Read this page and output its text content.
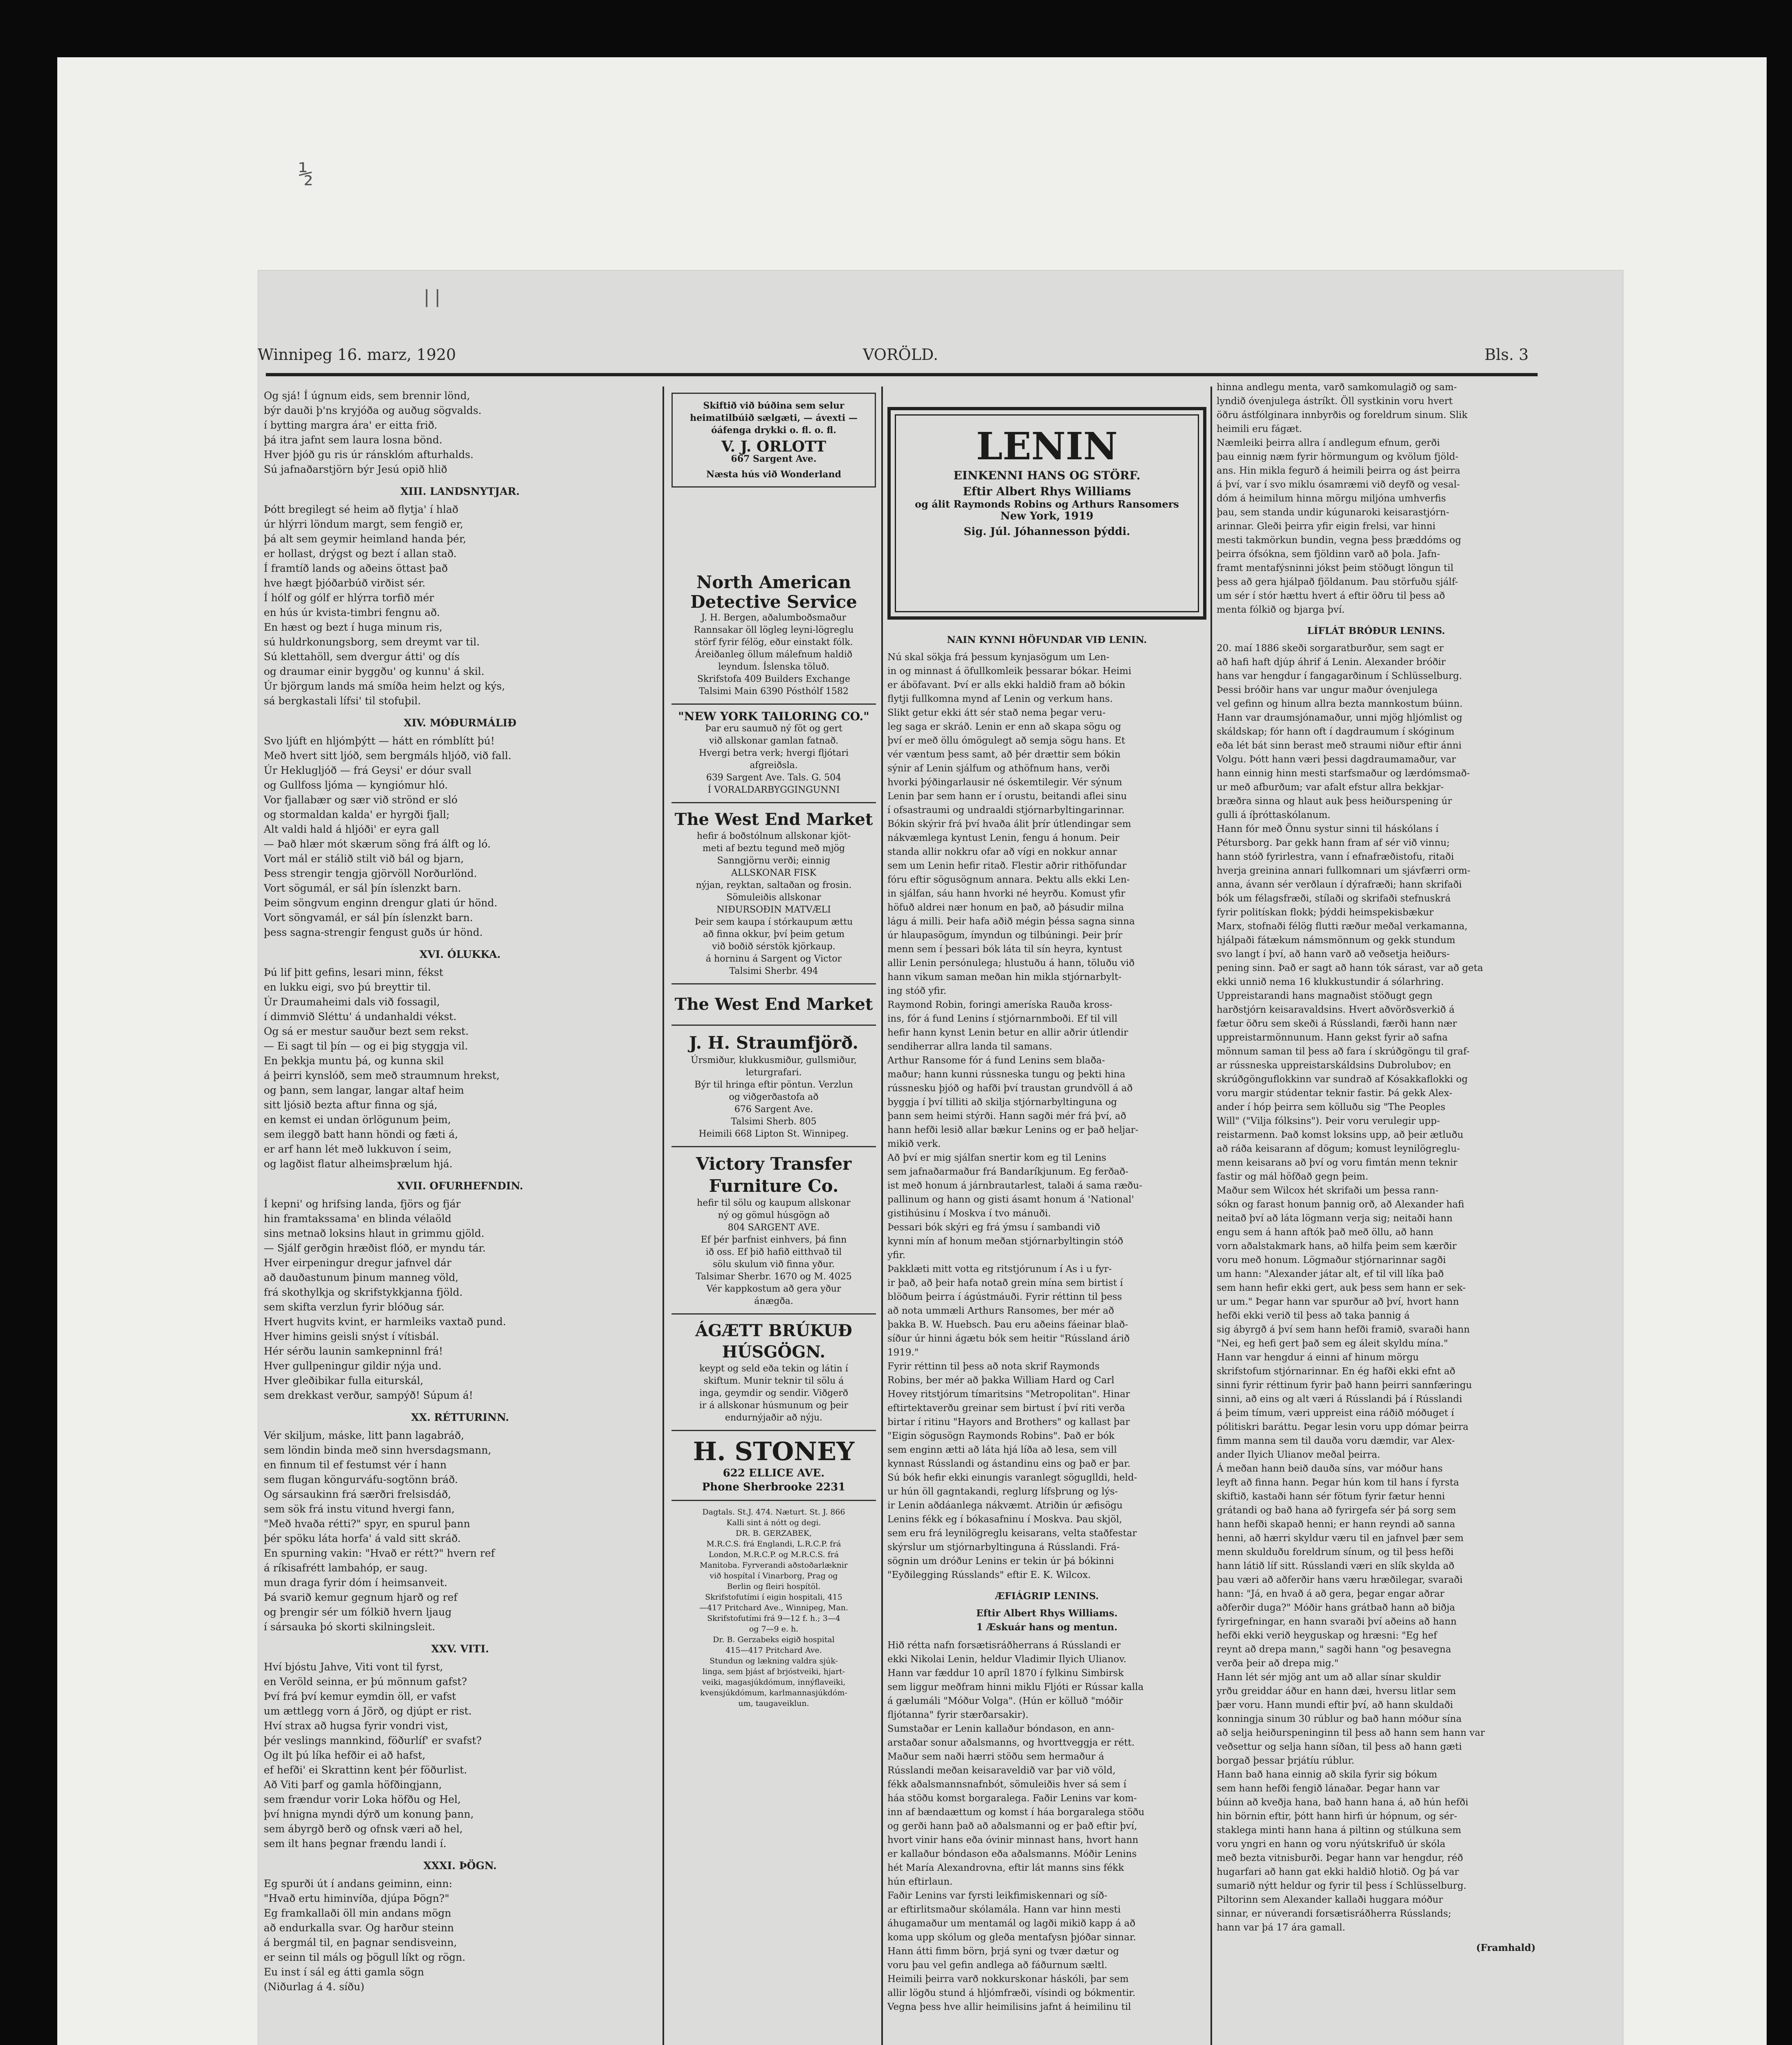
½
||
Winnipeg 16. marz, 1920	VORÖLD.	Bls. 3
Og sjá! Í úgnum eids, sem brennir lönd,
býr dauði þ'ns kryjóða og auðug sögvalds.
í bytting margra ára' er eitta frið.
þá itra jafnt sem laura losna bönd.
Hver þjóð gu ris úr ránsklóm afturhalds.
Sú jafnaðarstjörn býr Jesú opið hlið
XIII. LANDSNYTJAR.
Þótt bregilegt sé heim að flytja' í hlað
úr hlýrri löndum margt, sem fengið er,
þá alt sem geymir heimland handa þér,
er hollast, drýgst og bezt í allan stað.
Í framtíð lands og aðeins öttast það
hve hægt þjóðarbúð virðist sér.
Í hólf og gólf er hlýrra torfið mér
en hús úr kvista-timbri fengnu að.
En hæst og bezt í huga minum ris,
sú huldrkonungsborg, sem dreymt var til.
Sú klettahöll, sem dvergur átti' og dís
og draumar einir byggðu' og kunnu' á skil.
Úr björgum lands má smíða heim helzt og kýs,
sá bergkastali lífsi' til stofuþil.
XIV. MÓÐURMÁLIÐ
Svo ljúft en hljómþýtt — hátt en rómblítt þú!
Með hvert sitt ljóð, sem bergmáls hljóð, við fall.
Úr Heklugljóð — frá Geysi' er dóur svall
og Gullfoss ljóma — kyngiómur hló.
Vor fjallabær og sær við strönd er sló
og stormaldan kalda' er hyrgði fjall;
Alt valdi hald á hljóði' er eyra gall
— Það hlær mót skærum söng frá álft og ló.
Vort mál er stálið stilt við bál og bjarn,
Þess strengir tengja gjörvöll Norðurlönd.
Vort sögumál, er sál þín íslenzkt barn.
Þeim söngvum enginn drengur glati úr hönd.
Vort söngvamál, er sál þín íslenzkt barn.
þess sagna-strengir fengust guðs úr hönd.
XVI. ÓLUKKA.
Þú lif þitt gefins, lesari minn, fékst
en lukku eigi, svo þú breyttir til.
Úr Draumaheimi dals við fossagil,
í dimmvið Sléttu' á undanhaldi vékst.
Og sá er mestur sauður bezt sem rekst.
— Ei sagt til þín — og ei þig styggja vil.
En þekkja muntu þá, og kunna skil
á þeirri kynslóð, sem með straumnum hrekst,
og þann, sem langar, langar altaf heim
sitt ljósið bezta aftur finna og sjá,
en kemst ei undan örlögunum þeim,
sem ileggð batt hann höndi og fæti á,
er arf hann lét með lukkuvon í seim,
og lagðist flatur alheimsþrælum hjá.
XVII. OFURHEFNDIN.
Í kepni' og hrifsing landa, fjörs og fjár
hin framtakssama' en blinda vélaöld
sins metnað loksins hlaut in grimmu gjöld.
— Sjálf gerðgin hræðist flóð, er myndu tár.
Hver eirpeningur dregur jafnvel dár
að dauðastunum þinum manneg völd,
frá skothylkja og skrifstykkjanna fjöld.
sem skifta verzlun fyrir blóðug sár.
Hvert hugvits kvint, er harmleiks vaxtað pund.
Hver himins geisli snýst í vítisbál.
Hér sérðu launin samkepninnl frá!
Hver gullpeningur gildir nýja und.
Hver gleðibikar fulla eiturskál,
sem drekkast verður, sampýð! Súpum á!
XX. RÉTTURINN.
Vér skiljum, máske, litt þann lagabráð,
sem löndin binda með sinn hversdagsmann,
en finnum til ef festumst vér í hann
sem flugan köngurváfu-sogtönn bráð.
Og sársaukinn frá særðri frelsisdáð,
sem sök frá instu vitund hvergi fann,
"Með hvaða rétti?" spyr, en spurul þann
þér spöku láta horfa' á vald sitt skráð.
En spurning vakin: "Hvað er rétt?" hvern ref
á ríkisafrétt lambahóp, er saug.
mun draga fyrir dóm í heimsanveit.
Þá svarið kemur gegnum hjarð og ref
og þrengir sér um fólkið hvern ljaug
í sársauka þó skorti skilningsleit.
XXV. VITI.
Hví bjóstu Jahve, Viti vont til fyrst,
en Veröld seinna, er þú mönnum gafst?
Því frá því kemur eymdin öll, er vafst
um ættlegg vorn á Jörð, og djúpt er rist.
Hví strax að hugsa fyrir vondri vist,
þér veslings mannkind, föðurlíf' er svafst?
Og ilt þú líka hefðir ei að hafst,
ef hefði' ei Skrattinn kent þér föðurlist.
Að Viti þarf og gamla höfðingjann,
sem frændur vorir Loka höfðu og Hel,
því hnigna myndi dýrð um konung þann,
sem ábyrgð berð og ofnsk væri að hel,
sem ilt hans þegnar frændu landi í.
XXXI. ÞÖGN.
Eg spurði út í andans geiminn, einn:
"Hvað ertu himinvíða, djúpa Þögn?"
Eg framkallaði öll min andans mögn
að endurkalla svar. Og harður steinn
á bergmál til, en þagnar sendisveinn,
er seinn til máls og þögull líkt og rögn.
Eu inst í sál eg átti gamla sögn
(Niðurlag á 4. síðu)
Skiftið við búðina sem selur
heimatilbúið sælgæti, — ávexti —
óáfenga drykki o. fl. o. fl.
V. J. ORLOTT
667 Sargent Ave.
Næsta hús við Wonderland
North American Detective Service
J. H. Bergen, aðalumboðsmaður
Rannsakar öll lögleg leyni-lögreglu
störf fyrir félög, eður einstakt fólk.
Áreiðanleg öllum málefnum haldið
leyndum. Íslenska töluð.
Skrifstofa 409 Builders Exchange
Talsimi Main 6390 Pósthólf 1582
"NEW YORK TAILORING CO."
Þar eru saumuð ný föt og gert
við allskonar gamlan fatnað.
Hvergi betra verk; hvergi fljótari
afgreiðsla.
639 Sargent Ave. Tals. G. 504
Í VORALDARBYGGINGUNNI
The West End Market
hefir á boðstólnum allskonar kjöt-
meti af beztu tegund með mjög
Sanngjörnu verði; einnig
ALLSKONAR FISK
nýjan, reyktan, saltaðan og frosin.
Sömuleiðis allskonar
NIÐURSOÐIN MATVÆLI
Þeir sem kaupa í stórkaupum ættu
að finna okkur, því þeim getum
við boðið sérstök kjörkaup.
á horninu á Sargent og Victor
Talsimi Sherbr. 494
The West End Market
J. H. Straumfjörð.
Úrsmiður, klukkusmiður, gullsmiður,
leturgrafari.
Býr til hringa eftir pöntun. Verzlun
og viðgerðastofa að
676 Sargent Ave.
Talsimi Sherb. 805
Heimili 668 Lipton St. Winnipeg.
Victory Transfer Furniture Co.
hefir til sölu og kaupum allskonar
ný og gömul húsgögn að
804 SARGENT AVE.
Ef þér þarfnist einhvers, þá finn
ið oss. Ef þið hafið eitthvað til
sölu skulum við finna yður.
Talsimar Sherbr. 1670 og M. 4025
Vér kappkostum að gera yður
ánægða.
ÁGÆTT BRÚKUÐ HÚSGÖGN.
keypt og seld eða tekin og látin í
skiftum. Munir teknir til sölu á
inga, geymdir og sendir. Viðgerð
ir á allskonar húsmunum og þeir
endurnýjaðir að nýju.
H. STONEY
622 ELLICE AVE.
Phone Sherbrooke 2231
Dagtals. St.J. 474. Næturt. St. J. 866
Kalli sint á nótt og degi.
DR. B. GERZABEK,
M.R.C.S. frá Englandi, L.R.C.P. frá
London, M.R.C.P. og M.R.C.S. frá
Manitoba. Fyrverandi aðstoðarlæknir
við hospítal í Vinarborg, Prag og
Berlin og fleiri hospítöl.
Skrifstofutími í eigin hospitali, 415
—417 Pritchard Ave., Winnipeg, Man.
Skrifstofutími frá 9—12 f. h.; 3—4
og 7—9 e. h.
Dr. B. Gerzabeks eigið hospital
415—417 Pritchard Ave.
Stundun og lækning valdra sjúk-
linga, sem þjást af brjóstveiki, hjart-
veiki, magasjúkdómum, innýflaveiki,
kvensjúkdómum, karlmannasjúkdóm-
um, taugaveiklun.
LENIN
EINKENNI HANS OG STÖRF.
Eftir Albert Rhys Williams
og álit Raymonds Robins og Arthurs Ransomers
New York, 1919
Sig. Júl. Jóhannesson þýddi.
NAIN KYNNI HÖFUNDAR VIÐ LENIN.
Nú skal sökja frá þessum kynjasögum um Len-
in og minnast á öfullkomleik þessarar bókar. Heimi
er áböfavant. Því er alls ekki haldið fram að bókin
flytji fullkomna mynd af Lenin og verkum hans.
Slikt getur ekki átt sér stað nema þegar veru-
leg saga er skráð. Lenin er enn að skapa sögu og
því er með öllu ómögulegt að semja sögu hans. Et
vér væntum þess samt, að þér drættir sem bókin
sýnir af Lenin sjálfum og athöfnum hans, verði
hvorki þýðingarlausir né óskemtilegir. Vér sýnum
Lenin þar sem hann er í orustu, beitandi aflei sinu
í ofsastraumi og undraaldi stjórnarbyltingarinnar.
Bókin skýrir frá því hvaða álit þrír útlendingar sem
nákvæmlega kyntust Lenin, fengu á honum. Þeir
standa allir nokkru ofar að vígi en nokkur annar
sem um Lenin hefir ritað. Flestir aðrir rithöfundar
fóru eftir sögusögnum annara. Þektu alls ekki Len-
in sjálfan, sáu hann hvorki né heyrðu. Komust yfir
höfuð aldrei nær honum en það, að þásudir milna
lágu á milli. Þeir hafa aðið mégin þéssa sagna sinna
úr hlaupasögum, ímyndun og tilbúningi. Þeir þrír
menn sem í þessari bók láta til sín heyra, kyntust
allir Lenin persónulega; hlustuðu á hann, töluðu við
hann vikum saman meðan hin mikla stjórnarbylt-
ing stóð yfir.
Raymond Robin, foringi ameríska Rauða kross-
ins, fór á fund Lenins í stjórnarnmboði. Ef til vill
hefir hann kynst Lenin betur en allir aðrir útlendir
sendiherrar allra landa til samans.
Arthur Ransome fór á fund Lenins sem blaða-
maður; hann kunni rússneska tungu og þekti hina
rússnesku þjóð og hafði því traustan grundvöll á að
byggja í því tilliti að skilja stjórnarbyltinguna og
þann sem heimi stýrði. Hann sagði mér frá því, að
hann hefði lesið allar bækur Lenins og er það heljar-
mikið verk.
Að því er mig sjálfan snertir kom eg til Lenins
sem jafnaðarmaður frá Bandaríkjunum. Eg ferðað-
ist með honum á járnbrautarlest, talaði á sama ræðu-
pallinum og hann og gisti ásamt honum á 'National'
gistihúsinu í Moskva í tvo mánuði.
Þessari bók skýri eg frá ýmsu í sambandi við
kynni mín af honum meðan stjórnarbyltingin stóð
yfir.
Þakklæti mitt votta eg ritstjórunum í As i u fyr-
ir það, að þeir hafa notað grein mína sem birtist í
blöðum þeirra í ágústmáuði. Fyrir réttinn til þess
að nota ummæli Arthurs Ransomes, ber mér að
þakka B. W. Huebsch. Þau eru aðeins fáeinar blað-
síður úr hinni ágætu bók sem heitir "Rússland árið
1919."
Fyrir réttinn til þess að nota skrif Raymonds
Robins, ber mér að þakka William Hard og Carl
Hovey ritstjórum tímaritsins "Metropolitan". Hinar
eftirtektaverðu greinar sem birtust í því riti verða
birtar í ritinu "Hayors and Brothers" og kallast þar
"Eigin sögusögn Raymonds Robins". Það er bók
sem enginn ætti að láta hjá líða að lesa, sem vill
kynnast Rússlandi og ástandinu eins og það er þar.
Sú bók hefir ekki einungis varanlegt söguglldi, held-
ur hún öll gagntakandi, reglurg lífsþrung og lýs-
ir Lenin aðdáanlega nákvæmt. Atriðin úr æfisögu
Lenins fékk eg í bókasafninu í Moskva. Þau skjöl,
sem eru frá leynilögreglu keisarans, velta staðfestar
skýrslur um stjórnarbyltinguna á Rússlandi. Frá-
sögnin um dróður Lenins er tekin úr þá bókinni
"Eyðilegging Rússlands" eftir E. K. Wilcox.
ÆFIÁGRIP LENINS.
Eftir Albert Rhys Williams.
1 Æskuár hans og mentun.
Hið rétta nafn forsætisráðherrans á Rússlandi er
ekki Nikolai Lenin, heldur Vladimir Ilyich Ulianov.
Hann var fæddur 10 apríl 1870 í fylkinu Simbirsk
sem liggur meðfram hinni miklu Fljóti er Rússar kalla
á gælumáli "Móður Volga". (Hún er kölluð "móðir
fljótanna" fyrir stærðarsakir).
Sumstaðar er Lenin kallaður bóndason, en ann-
arstaðar sonur aðalsmanns, og hvorttveggja er rétt.
Maður sem naði hærri stöðu sem hermaður á
Rússlandi meðan keisaraveldið var þar við völd,
fékk aðalsmannsnafnbót, sömuleiðis hver sá sem í
háa stöðu komst borgaralega. Faðir Lenins var kom-
inn af bændaættum og komst í háa borgaralega stöðu
og gerði hann það að aðalsmanni og er það eftir því,
hvort vinir hans eða óvinir minnast hans, hvort hann
er kallaður bóndason eða aðalsmanns. Móðir Lenins
hét María Alexandrovna, eftir lát manns sins fékk
hún eftirlaun.
Faðir Lenins var fyrsti leikfimiskennari og síð-
ar eftirlitsmaður skólamála. Hann var hinn mesti
áhugamaður um mentamál og lagði mikið kapp á að
koma upp skólum og gleða mentafysn þjóðar sinnar.
Hann átti fimm börn, þrjá syni og tvær dætur og
voru þau vel gefin andlega að fáðurnum sæltl.
Heimili þeirra varð nokkurskonar háskóli, þar sem
allir lögðu stund á hljómfræði, vísindi og bókmentir.
Vegna þess hve allir heimilisins jafnt á heimilinu til
hinna andlegu menta, varð samkomulagið og sam-
lyndið óvenjulega ástríkt. Öll systkinin voru hvert
öðru ástfólginara innbyrðis og foreldrum sinum. Slik
heimili eru fágæt.
Næmleiki þeirra allra í andlegum efnum, gerði
þau einnig næm fyrir hörmungum og kvölum fjöld-
ans. Hin mikla fegurð á heimili þeirra og ást þeirra
á því, var í svo miklu ósamræmi við deyfð og vesal-
dóm á heimilum hinna mörgu miljóna umhverfis
þau, sem standa undir kúgunaroki keisarastjórn-
arinnar. Gleði þeirra yfir eigin frelsi, var hinni
mesti takmörkun bundin, vegna þess þræddóms og
þeirra ófsókna, sem fjöldinn varð að þola. Jafn-
framt mentafýsninni jókst þeim stöðugt löngun til
þess að gera hjálpað fjöldanum. Þau störfuðu sjálf-
um sér í stór hættu hvert á eftir öðru til þess að
menta fólkið og bjarga því.
LÍFLÁT BRÓÐUR LENINS.
20. maí 1886 skeði sorgaratburður, sem sagt er
að hafi haft djúp áhrif á Lenin. Alexander bróðir
hans var hengdur í fangagarðinum í Schlüsselburg.
Þessi bróðir hans var ungur maður óvenjulega
vel gefinn og hinum allra bezta mannkostum búinn.
Hann var draumsjónamaður, unni mjög hljómlist og
skáldskap; fór hann oft í dagdraumum í skóginum
eða lét bát sinn berast með straumi niður eftir ánni
Volgu. Þótt hann væri þessi dagdraumamaður, var
hann einnig hinn mesti starfsmaður og lærdómsmað-
ur með afburðum; var afalt efstur allra bekkjar-
bræðra sinna og hlaut auk þess heiðurspening úr
gulli á íþróttaskólanum.
Hann fór með Önnu systur sinni til háskólans í
Pétursborg. Þar gekk hann fram af sér við vinnu;
hann stóð fyrirlestra, vann í efnafræðistofu, ritaði
hverja greinina annari fullkomnari um sjávfærri orm-
anna, ávann sér verðlaun í dýrafræði; hann skrifaði
bók um félagsfræði, stílaði og skrifaði stefnuskrá
fyrir politískan flokk; þýddi heimspekisbækur
Marx, stofnaði félög flutti ræður meðal verkamanna,
hjálpaði fátækum námsmönnum og gekk stundum
svo langt í því, að hann varð að veðsetja heiðurs-
pening sinn. Það er sagt að hann tók sárast, var að geta
ekki unnið nema 16 klukkustundir á sólarhring.
Uppreistarandi hans magnaðist stöðugt gegn
harðstjórn keisaravaldsins. Hvert aðvörðsverkið á
fætur öðru sem skeði á Rússlandi, færði hann nær
uppreistarmönnunum. Hann gekst fyrir að safna
mönnum saman til þess að fara í skrúðgöngu til graf-
ar rússneska uppreistarskáldsins Dubrolubov; en
skrúðgönguflokkinn var sundrað af Kósakkaflokki og
voru margir stúdentar teknir fastir. Þá gekk Alex-
ander í hóp þeirra sem kölluðu sig "The Peoples
Will" ("Vilja fólksins"). Þeir voru verulegir upp-
reistarmenn. Það komst loksins upp, að þeir ætluðu
að ráða keisarann af dögum; komust leynilögreglu-
menn keisarans að því og voru fimtán menn teknir
fastir og mál höfðað gegn þeim.
Maður sem Wilcox hét skrifaði um þessa rann-
sókn og farast honum þannig orð, að Alexander hafi
neitað því að láta lögmann verja sig; neitaði hann
engu sem á hann aftók það með öllu, að hann
vorn aðalstakmark hans, að hilfa þeim sem kærðir
voru með honum. Lögmaður stjórnarinnar sagði
um hann: "Alexander játar alt, ef til vill líka það
sem hann hefir ekki gert, auk þess sem hann er sek-
ur um." Þegar hann var spurður að því, hvort hann
hefði ekki verið til þess að taka þannig á
sig ábyrgð á því sem hann hefði framið, svaraði hann
"Nei, eg hefi gert það sem eg áleit skyldu mína."
Hann var hengdur á einni af hinum mörgu
skrifstofum stjórnarinnar. En ég hafði ekki efnt að
sinni fyrir réttinum fyrir það hann þeirri sannfæringu
sinni, að eins og alt væri á Rússlandi þá í Rússlandi
á þeim tímum, væri uppreist eina ráðið móðuget í
pólitiskri baráttu. Þegar lesin voru upp dómar þeirra
fimm manna sem til dauða voru dæmdir, var Alex-
ander Ilyich Ulianov meðal þeirra.
Á meðan hann beið dauða síns, var móður hans
leyft að finna hann. Þegar hún kom til hans í fyrsta
skiftið, kastaði hann sér fötum fyrir fætur henni
grátandi og bað hana að fyrirgefa sér þá sorg sem
hann hefði skapað henni; er hann reyndi að sanna
henni, að hærri skyldur væru til en jafnvel þær sem
menn skulduðu foreldrum sínum, og til þess hefði
hann látið líf sitt. Rússlandi væri en slík skylda að
þau væri að aðferðir hans væru hræðilegar, svaraði
hann: "Já, en hvað á að gera, þegar engar aðrar
aðferðir duga?" Móðir hans grátbað hann að biðja
fyrirgefningar, en hann svaraði því aðeins að hann
hefði ekki verið heyguskap og hræsni: "Eg hef
reynt að drepa mann," sagði hann "og þesavegna
verða þeir að drepa mig."
Hann lét sér mjög ant um að allar sínar skuldir
yrðu greiddar áður en hann dæi, hversu litlar sem
þær voru. Hann mundi eftir því, að hann skuldaði
konningja sinum 30 rúblur og bað hann móður sína
að selja heiðurspeninginn til þess að hann sem hann var
veðsettur og selja hann síðan, til þess að hann gæti
borgað þessar þrjátíu rúblur.
Hann bað hana einnig að skila fyrir sig bókum
sem hann hefði fengið lánaðar. Þegar hann var
búinn að kveðja hana, bað hann hana á, að hún hefði
hin börnin eftir, þótt hann hirfi úr hópnum, og sér-
staklega minti hann hana á piltinn og stúlkuna sem
voru yngri en hann og voru nýútskrifuð úr skóla
með bezta vitnisburði. Þegar hann var hengdur, réð
hugarfari að hann gat ekki haldið hlotið. Og þá var
sumarið nýtt heldur og fyrir til þess í Schlüsselburg.
Piltorinn sem Alexander kallaði huggara móður
sinnar, er núverandi forsætisráðherra Rússlands;
hann var þá 17 ára gamall.
(Framhald)
